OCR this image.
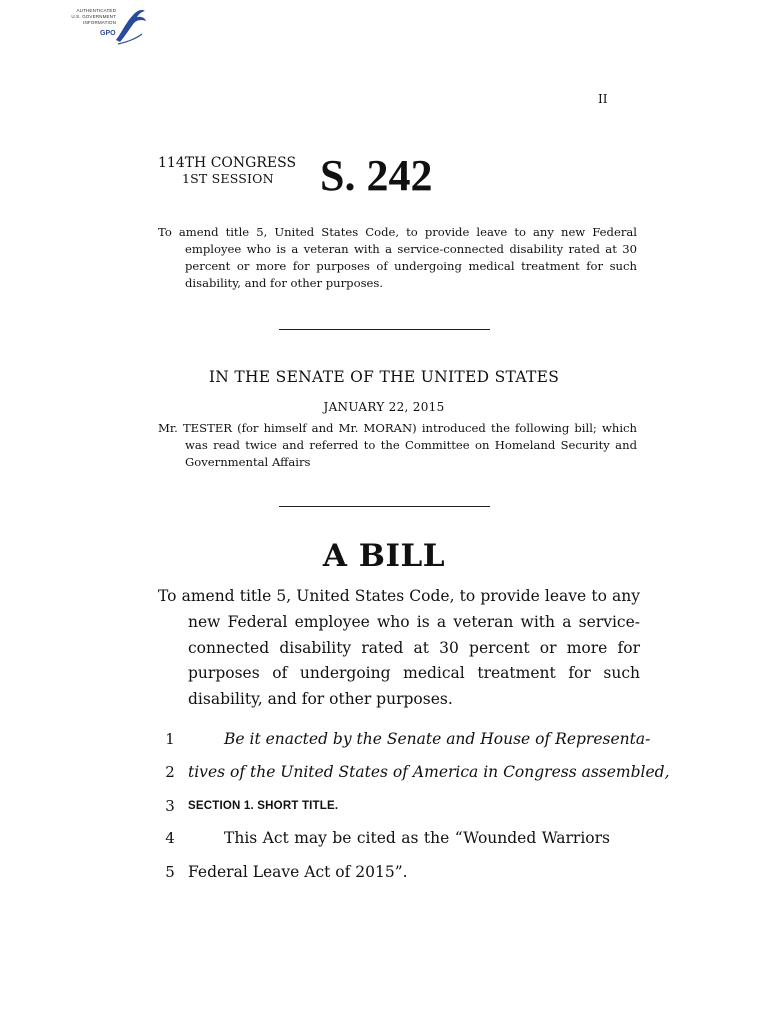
AUTHENTICATED
U.S. GOVERNMENT
INFORMATION
GPO
II
114TH CONGRESS
1ST SESSION S. 242
To amend title 5, United States Code, to provide leave to any new Federal employee who is a veteran with a service-connected disability rated at 30 percent or more for purposes of undergoing medical treatment for such disability, and for other purposes.
IN THE SENATE OF THE UNITED STATES
JANUARY 22, 2015
Mr. TESTER (for himself and Mr. MORAN) introduced the following bill; which was read twice and referred to the Committee on Homeland Security and Governmental Affairs
A BILL
To amend title 5, United States Code, to provide leave to any new Federal employee who is a veteran with a service-connected disability rated at 30 percent or more for purposes of undergoing medical treatment for such disability, and for other purposes.
1	Be it enacted by the Senate and House of Representa-
2 tives of the United States of America in Congress assembled,
3	SECTION 1. SHORT TITLE.
4	This Act may be cited as the “Wounded Warriors
5 Federal Leave Act of 2015”.
